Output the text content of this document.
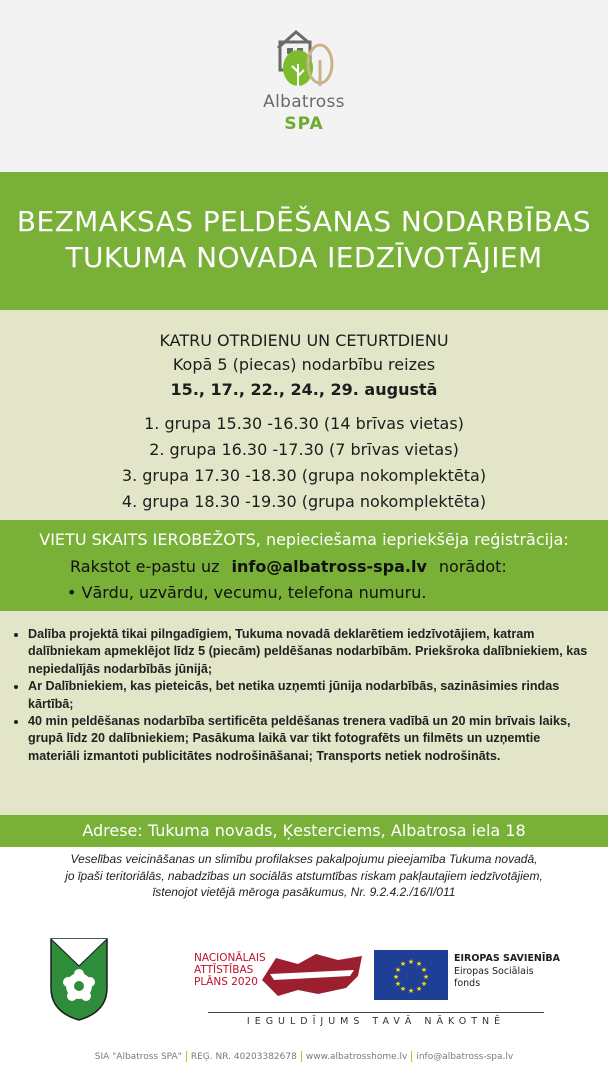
Albatross
SPA
BEZMAKSAS PELDĒŠANAS NODARBĪBAS
TUKUMA NOVADA IEDZĪVOTĀJIEM
KATRU OTRDIENU UN CETURTDIENU
Kopā 5 (piecas) nodarbību reizes
15., 17., 22., 24., 29. augustā
1. grupa 15.30 -16.30 (14 brīvas vietas)
2. grupa 16.30 -17.30 (7 brīvas vietas)
3. grupa 17.30 -18.30 (grupa nokomplektēta)
4. grupa 18.30 -19.30 (grupa nokomplektēta)
VIETU SKAITS IEROBEŽOTS, nepieciešama iepriekšēja reģistrācija:
Rakstot e-pastu uz info@albatross-spa.lv norādot:
• Vārdu, uzvārdu, vecumu, telefona numuru.
• Dalība projektā tikai pilngadīgiem, Tukuma novadā deklarētiem iedzīvotājiem, katram dalībniekam apmeklējot līdz 5 (piecām) peldēšanas nodarbībām. Priekšroka dalībniekiem, kas nepiedalījās nodarbībās jūnijā;
• Ar Dalībniekiem, kas pieteicās, bet netika uzņemti jūnija nodarbībās, sazināsimies rindas kārtībā;
• 40 min peldēšanas nodarbība sertificēta peldēšanas trenera vadībā un 20 min brīvais laiks, grupā līdz 20 dalībniekiem; Pasākuma laikā var tikt fotografēts un filmēts un uzņemtie materiāli izmantoti publicitātes nodrošināšanai; Transports netiek nodrošināts.
Adrese: Tukuma novads, Ķesterciems, Albatrosa iela 18
Veselības veicināšanas un slimību profilakses pakalpojumu pieejamība Tukuma novadā,
jo īpaši teritoriālās, nabadzības un sociālās atstumtības riskam pakļautajiem iedzīvotājiem, īstenojot vietējā mēroga pasākumus, Nr. 9.2.4.2./16/I/011
NACIONĀLAIS
ATTĪSTĪBAS
PLĀNS 2020
★ ★
★
★
★
★
★
★
★
★
★
★
EIROPAS SAVIENĪBA
Eiropas Sociālais
fonds
IEGULDĪJUMS TAVĀ NĀKOTNĒ
SIA "Albatross SPA" REĢ. NR. 40203382678 www.albatrosshome.lv info@albatross-spa.lv
